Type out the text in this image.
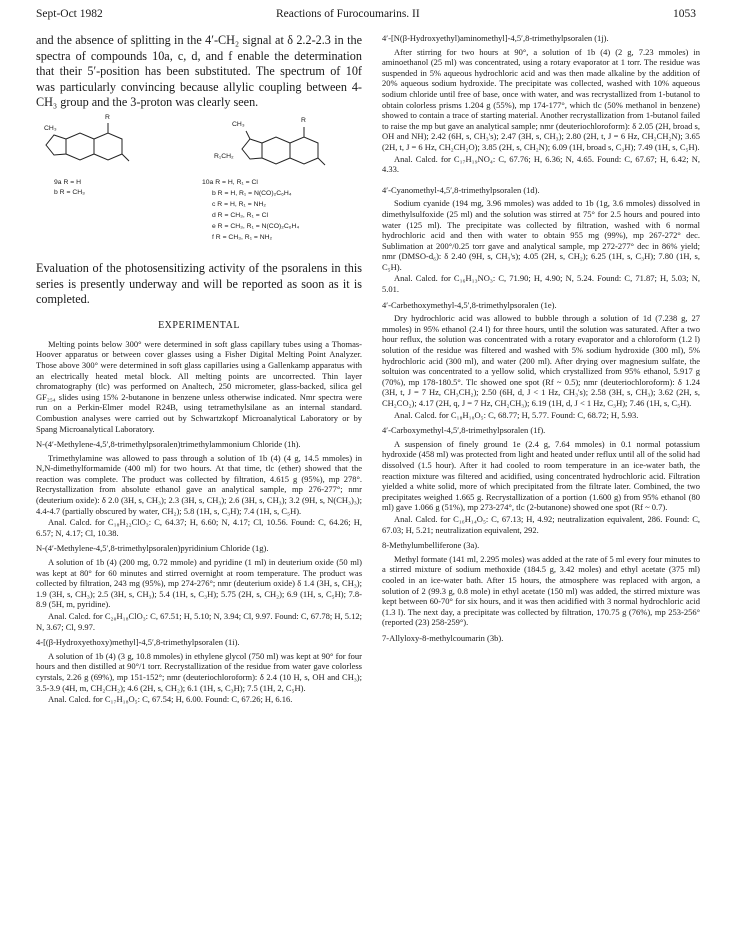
Sept-Oct 1982	Reactions of Furocoumarins. II	1053

and the absence of splitting in the 4′-CH₂ signal at δ 2.2-2.3 in the spectra of compounds 10a, c, d, and f enable the determination that their 5′-position has been substituted. The spectrum of 10f was particularly convincing because allylic coupling between 4-CH₃ group and the 3-proton was clearly seen.

CH₃
R
9a R = H
b R = CH₃
CH₃
R
R₁CH₂
10a R = H, R₁ = Cl
b R = H, R₁ = N(CO)₂C₆H₄
c R = H, R₁ = NH₂
d R = CH₃, R₁ = Cl
e R = CH₃, R₁ = N(CO)₂C₆H₄
f R = CH₃, R₁ = NH₂

Evaluation of the photosensitizing activity of the psoralens in this series is presently underway and will be reported as soon as it is completed.

EXPERIMENTAL

Melting points below 300° were determined in soft glass capillary tubes using a Thomas-Hoover apparatus or between cover glasses using a Fisher Digital Melting Point Analyzer. Those above 300° were determined in soft glass capillaries using a Gallenkamp apparatus with an electrically heated metal block. All melting points are uncorrected. Thin layer chromatography (tlc) was performed on Analtech, 250 micrometer, glass-backed, silica gel GF₂₅₄ slides using 15% 2-butanone in benzene unless otherwise indicated. Nmr spectra were run on a Perkin-Elmer model R24B, using tetramethylsilane as an internal standard. Combustion analyses were carried out by Schwartzkopf Microanalytical Laboratory or by Spang Microanalytical Laboratory.

N-(4′-Methylene-4,5′,8-trimethylpsoralen)trimethylammonium Chloride (1h).

Trimethylamine was allowed to pass through a solution of 1b (4) (4 g, 14.5 mmoles) in N,N-dimethylformamide (400 ml) for two hours. At that time, tlc (ether) showed that the reaction was complete. The product was collected by filtration, 4.615 g (95%), mp 278°. Recrystallization from absolute ethanol gave an analytical sample, mp 276-277°; nmr (deuterium oxide): δ 2.0 (3H, s, CH₃); 2.3 (3H, s, CH₃); 2.6 (3H, s, CH₃); 3.2 (9H, s, N(CH₃)₃); 4.4-4.7 (partially obscured by water, CH₂); 5.8 (1H, s, C₃H); 7.4 (1H, s, C₅H).

Anal. Calcd. for C₁₈H₂₂ClO₃: C, 64.37; H, 6.60; N, 4.17; Cl, 10.56. Found: C, 64.26; H, 6.57; N, 4.17; Cl, 10.38.

N-(4′-Methylene-4,5′,8-trimethylpsoralen)pyridinium Chloride (1g).

A solution of 1b (4) (200 mg, 0.72 mmole) and pyridine (1 ml) in deuterium oxide (50 ml) was kept at 80° for 60 minutes and stirred overnight at room temperature. The product was collected by filtration, 243 mg (95%), mp 274-276°; nmr (deuterium oxide) δ 1.4 (3H, s, CH₃); 1.9 (3H, s, CH₃); 2.5 (3H, s, CH₃); 5.4 (1H, s, C₃H); 5.75 (2H, s, CH₂); 6.9 (1H, s, C₅H); 7.8-8.9 (5H, m, pyridine).

Anal. Calcd. for C₂₀H₁₈ClO₃: C, 67.51; H, 5.10; N, 3.94; Cl, 9.97. Found: C, 67.78; H, 5.12; N, 3.67; Cl, 9.97.

4-[(β-Hydroxyethoxy)methyl]-4,5′,8-trimethylpsoralen (1i).

A solution of 1b (4) (3 g, 10.8 mmoles) in ethylene glycol (750 ml) was kept at 90° for four hours and then distilled at 90°/1 torr. Recrystallization of the residue from water gave colorless cyrstals, 2.26 g (69%), mp 151-152°; nmr (deuteriochloroform): δ 2.4 (10 H, s, OH and CH₃); 3.5-3.9 (4H, m, CH₂CH₂); 4.6 (2H, s, CH₂); 6.1 (1H, s, C₃H); 7.5 (1H, 2, C₅H).

Anal. Calcd. for C₁₇H₁₈O₅: C, 67.54; H, 6.00. Found: C, 67.26; H, 6.16.

4′-[N(β-Hydroxyethyl)aminomethyl]-4,5′,8-trimethylpsoralen (1j).

After stirring for two hours at 90°, a solution of 1b (4) (2 g, 7.23 mmoles) in aminoethanol (25 ml) was concentrated, using a rotary evaporator at 1 torr. The residue was suspended in 5% aqueous hydrochloric acid and was then made alkaline by the addition of 20% aqueous sodium hydroxide. The precipitate was collected, washed with 10% aqueous sodium chloride until free of base, once with water, and was recrystallized from 1-butanol to obtain colorless prisms 1.204 g (55%), mp 174-177°, which tlc (50% methanol in benzene) showed to contain a trace of starting material. Another recrystallization from 1-butanol failed to raise the mp but gave an analytical sample; nmr (deuteriochloroform): δ 2.05 (2H, broad s, OH and NH); 2.42 (6H, s, CH₃'s); 2.47 (3H, s, CH₃); 2.80 (2H, t, J = 6 Hz, CH₂CH₂N); 3.65 (2H, t, J = 6 Hz, CH₂CH₂O); 3.85 (2H, s, CH₂N); 6.09 (1H, broad s, C₃H); 7.49 (1H, s, C₅H).

Anal. Calcd. for C₁₇H₁₉NO₄: C, 67.76; H, 6.36; N, 4.65. Found: C, 67.67; H, 6.42; N, 4.33.

4′-Cyanomethyl-4,5′,8-trimethylpsoralen (1d).

Sodium cyanide (194 mg, 3.96 mmoles) was added to 1b (1g, 3.6 mmoles) dissolved in dimethylsulfoxide (25 ml) and the solution was stirred at 75° for 2.5 hours and poured into water (125 ml). The precipitate was collected by filtration, washed with 6 normal hydrochloric acid and then with water to obtain 955 mg (99%), mp 267-272° dec. Sublimation at 200°/0.25 torr gave and analytical sample, mp 272-277° dec in 86% yield; nmr (DMSO-d₆): δ 2.40 (9H, s, CH₃'s); 4.05 (2H, s, CH₂); 6.25 (1H, s, C₃H); 7.80 (1H, s, C₅H).

Anal. Calcd. for C₁₆H₁₃NO₃: C, 71.90; H, 4.90; N, 5.24. Found: C, 71.87; H, 5.03; N, 5.01.

4′-Carbethoxymethyl-4,5′,8-trimethylpsoralen (1e).

Dry hydrochloric acid was allowed to bubble through a solution of 1d (7.238 g, 27 mmoles) in 95% ethanol (2.4 l) for three hours, until the solution was saturated. After a two hour reflux, the solution was concentrated with a rotary evaporator and a chloroform (1.2 l) solution of the residue was filtered and washed with 5% sodium hydroxide (300 ml), 5% hydrochloric acid (300 ml), and water (200 ml). After drying over magnesium sulfate, the soltuion was concentrated to a yellow solid, which crystallized from 95% ethanol, 5.917 g (70%), mp 178-180.5°. Tlc showed one spot (Rf ~ 0.5); nmr (deuteriochloroform): δ 1.24 (3H, t, J = 7 Hz, CH₃CH₂); 2.50 (6H, d, J < 1 Hz, CH₃'s); 2.58 (3H, s, CH₃); 3.62 (2H, s, CH₂CO₂); 4.17 (2H, q, J = 7 Hz, CH₂CH₃); 6.19 (1H, d, J < 1 Hz, C₃H); 7.46 (1H, s, C₅H).

Anal. Calcd. for C₁₈H₁₈O₅: C, 68.77; H, 5.77. Found: C, 68.72; H, 5.93.

4′-Carboxymethyl-4,5′,8-trimethylpsoralen (1f).

A suspension of finely ground 1e (2.4 g, 7.64 mmoles) in 0.1 normal potassium hydroxide (458 ml) was protected from light and heated under reflux until all of the solid had dissolved (1.5 hour). After it had cooled to room temperature in an ice-water bath, the reaction mixture was filtered and acidified, using concentrated hydrochloric acid. Filtration yielded a white solid, more of which precipitated from the filtrate later. Combined, the two precipitates weighed 1.665 g. Recrystallization of a portion (1.600 g) from 95% ethanol (80 ml) gave 1.066 g (51%), mp 273-274°, tlc (2-butanone) showed one spot (Rf ~ 0.7).

Anal. Calcd. for C₁₆H₁₄O₅: C, 67.13; H, 4.92; neutralization equivalent, 286. Found: C, 67.03; H, 5.21; neutralization equivalent, 292.

8-Methylumbelliferone (3a).

Methyl formate (141 ml, 2.295 moles) was added at the rate of 5 ml every four minutes to a stirred mixture of sodium methoxide (184.5 g, 3.42 moles) and ethyl acetate (375 ml) cooled in an ice-water bath. After 15 hours, the atmosphere was replaced with argon, a solution of 2 (99.3 g, 0.8 mole) in ethyl acetate (150 ml) was added, the stirred mixture was kept between 60-70° for six hours, and it was then acidified with 3 normal hydrochloric acid (1.3 l). The next day, a precipitate was collected by filtration, 170.75 g (76%), mp 253-256° (reported (23) 258-259°).

7-Allyloxy-8-methylcoumarin (3b).
